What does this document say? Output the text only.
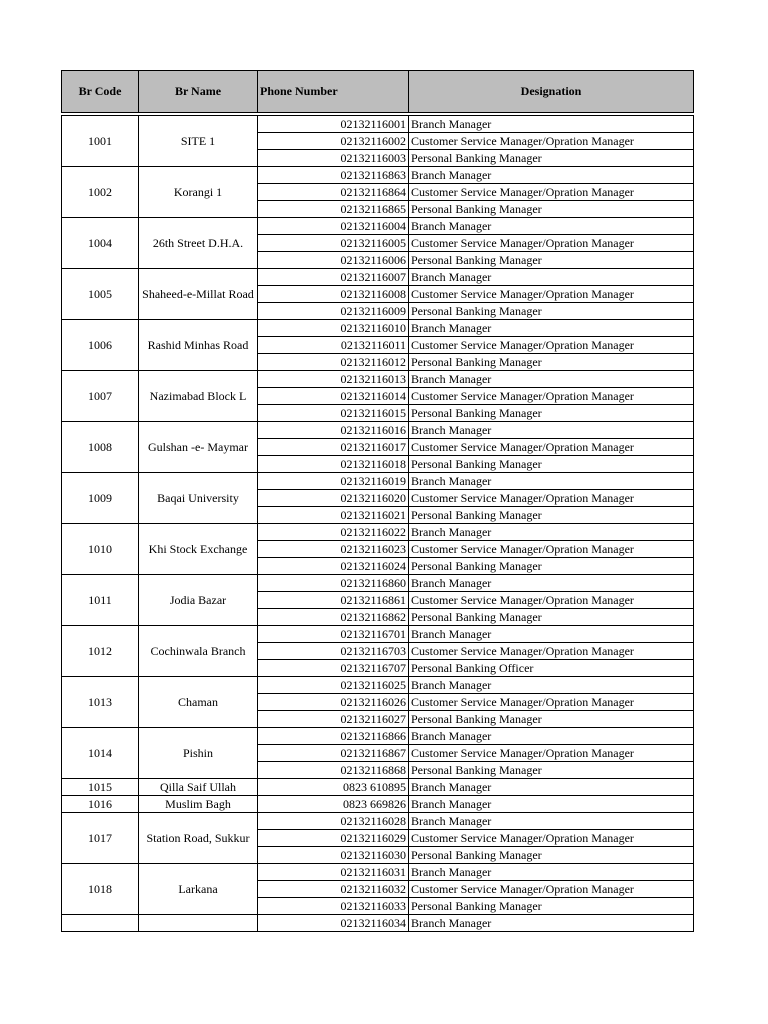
Br Code	Br Name	Phone Number	Designation

1001	SITE 1	02132116001	Branch Manager
		02132116002	Customer Service Manager/Opration Manager
		02132116003	Personal Banking Manager
1002	Korangi 1	02132116863	Branch Manager
		02132116864	Customer Service Manager/Opration Manager
		02132116865	Personal Banking Manager
1004	26th Street D.H.A.	02132116004	Branch Manager
		02132116005	Customer Service Manager/Opration Manager
		02132116006	Personal Banking Manager
1005	Shaheed-e-Millat Road	02132116007	Branch Manager
		02132116008	Customer Service Manager/Opration Manager
		02132116009	Personal Banking Manager
1006	Rashid Minhas Road	02132116010	Branch Manager
		02132116011	Customer Service Manager/Opration Manager
		02132116012	Personal Banking Manager
1007	Nazimabad Block L	02132116013	Branch Manager
		02132116014	Customer Service Manager/Opration Manager
		02132116015	Personal Banking Manager
1008	Gulshan -e- Maymar	02132116016	Branch Manager
		02132116017	Customer Service Manager/Opration Manager
		02132116018	Personal Banking Manager
1009	Baqai University	02132116019	Branch Manager
		02132116020	Customer Service Manager/Opration Manager
		02132116021	Personal Banking Manager
1010	Khi Stock Exchange	02132116022	Branch Manager
		02132116023	Customer Service Manager/Opration Manager
		02132116024	Personal Banking Manager
1011	Jodia Bazar	02132116860	Branch Manager
		02132116861	Customer Service Manager/Opration Manager
		02132116862	Personal Banking Manager
1012	Cochinwala Branch	02132116701	Branch Manager
		02132116703	Customer Service Manager/Opration Manager
		02132116707	Personal Banking Officer
1013	Chaman	02132116025	Branch Manager
		02132116026	Customer Service Manager/Opration Manager
		02132116027	Personal Banking Manager
1014	Pishin	02132116866	Branch Manager
		02132116867	Customer Service Manager/Opration Manager
		02132116868	Personal Banking Manager
1015	Qilla Saif Ullah	0823 610895	Branch Manager
1016	Muslim Bagh	0823 669826	Branch Manager
1017	Station Road, Sukkur	02132116028	Branch Manager
		02132116029	Customer Service Manager/Opration Manager
		02132116030	Personal Banking Manager
1018	Larkana	02132116031	Branch Manager
		02132116032	Customer Service Manager/Opration Manager
		02132116033	Personal Banking Manager
		02132116034	Branch Manager
